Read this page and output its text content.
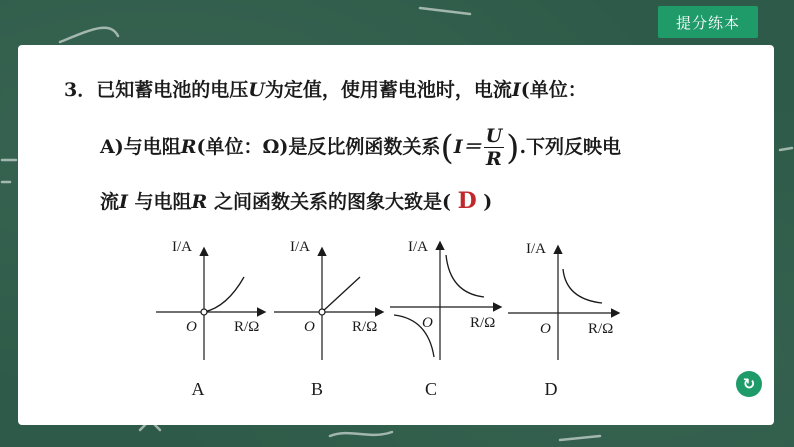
提分练本
3．已知蓄电池的电压U为定值，使用蓄电池时，电流I(单位：
A)与电阻R(单位：Ω)是反比例函数关系($I= \frac{U}{R}$ ).下列反映电
流I 与电阻R 之间函数关系的图象大致是( D )
I/A
R/Ω
O
I/A
R/Ω
O
I/A
R/Ω
O
I/A
R/Ω
O
A	B	C	D	↻
